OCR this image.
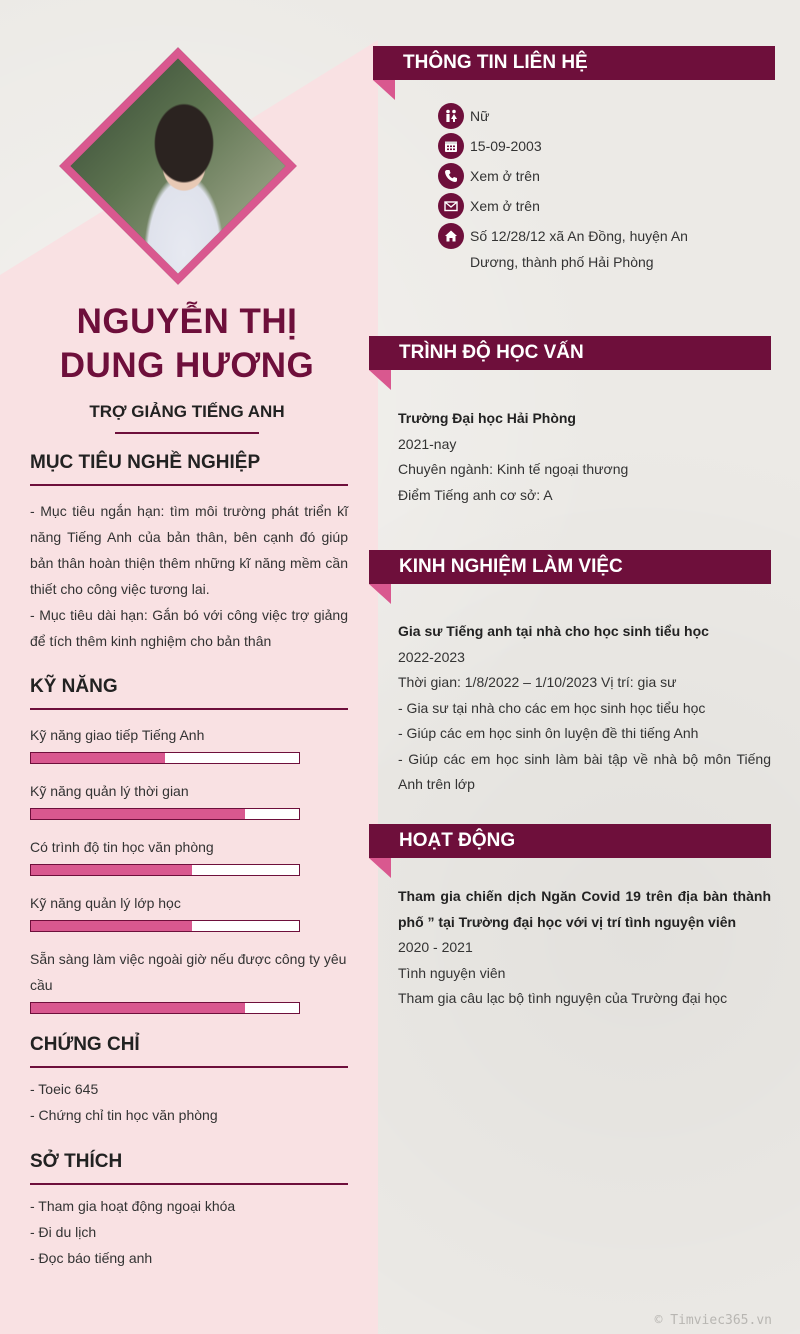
NGUYỄN THỊ DUNG HƯƠNG
TRỢ GIẢNG TIẾNG ANH
MỤC TIÊU NGHỀ NGHIỆP
- Mục tiêu ngắn hạn: tìm môi trường phát triển kĩ năng Tiếng Anh của bản thân, bên cạnh đó giúp bản thân hoàn thiện thêm những kĩ năng mềm cần thiết cho công việc tương lai.
- Mục tiêu dài hạn: Gắn bó với công việc trợ giảng để tích thêm kinh nghiệm cho bản thân
KỸ NĂNG
Kỹ năng giao tiếp Tiếng Anh
Kỹ năng quản lý thời gian
Có trình độ tin học văn phòng
Kỹ năng quản lý lớp học
Sẵn sàng làm việc ngoài giờ nếu được công ty yêu cầu
CHỨNG CHỈ
- Toeic 645
- Chứng chỉ tin học văn phòng
SỞ THÍCH
- Tham gia hoạt động ngoại khóa
- Đi du lịch
- Đọc báo tiếng anh
THÔNG TIN LIÊN HỆ
Nữ
15-09-2003
Xem ở trên
Xem ở trên
Số 12/28/12 xã An Đồng, huyện An Dương, thành phố Hải Phòng
TRÌNH ĐỘ HỌC VẤN
Trường Đại học Hải Phòng
2021-nay
Chuyên ngành: Kinh tế ngoại thương
Điểm Tiếng anh cơ sở: A
KINH NGHIỆM LÀM VIỆC
Gia sư Tiếng anh tại nhà cho học sinh tiểu học
2022-2023
Thời gian: 1/8/2022 – 1/10/2023 Vị trí: gia sư
- Gia sư tại nhà cho các em học sinh học tiểu học
- Giúp các em học sinh ôn luyện đề thi tiếng Anh
- Giúp các em học sinh làm bài tập về nhà bộ môn Tiếng Anh trên lớp
HOẠT ĐỘNG
Tham gia chiến dịch Ngăn Covid 19 trên địa bàn thành phố ” tại Trường đại học với vị trí tình nguyện viên
2020 - 2021
Tình nguyện viên
Tham gia câu lạc bộ tình nguyện của Trường đại học
© Timviec365.vn
